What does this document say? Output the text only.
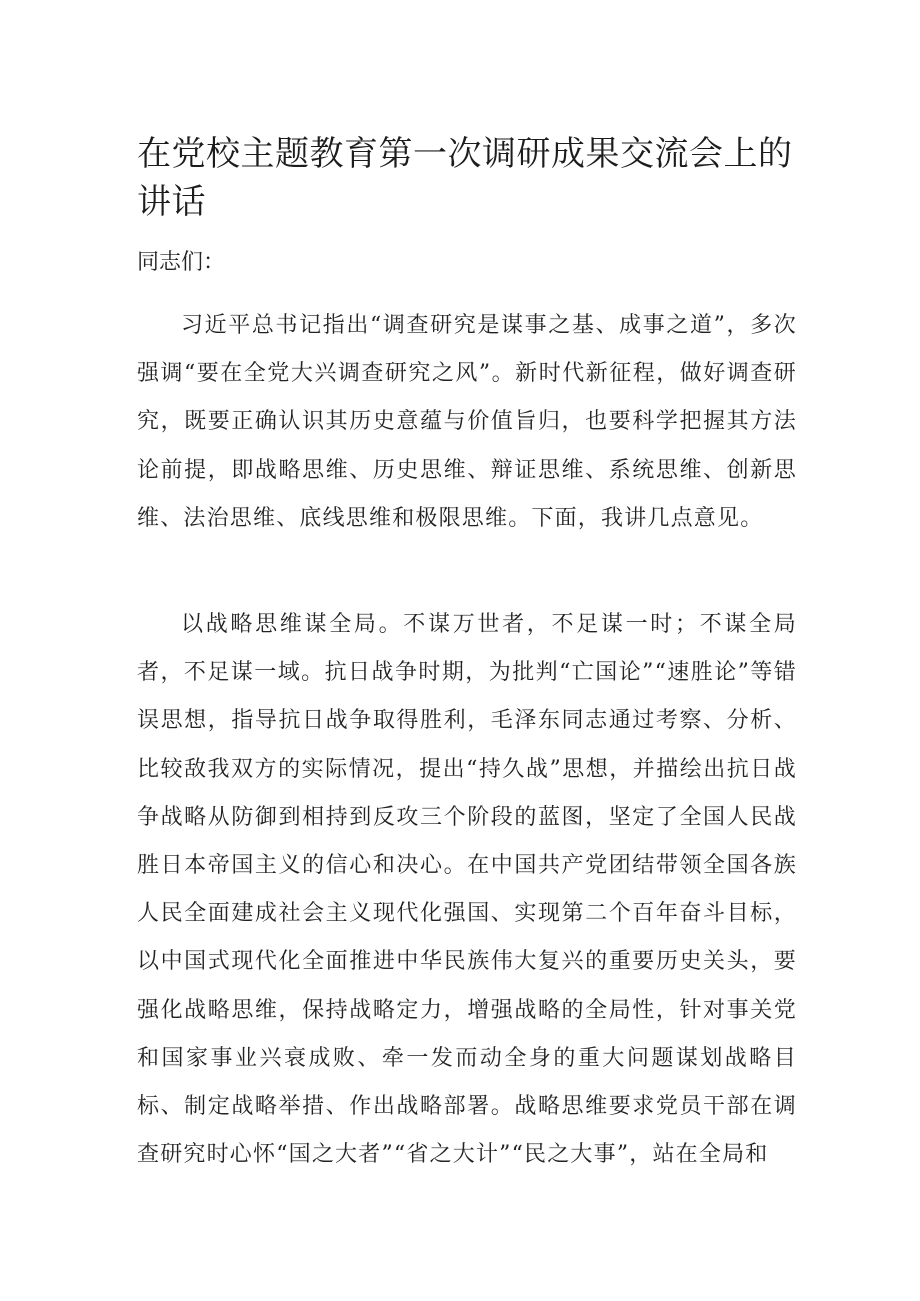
在党校主题教育第一次调研成果交流会上的讲话

同志们：

习近平总书记指出“调查研究是谋事之基、成事之道”，多次强调“要在全党大兴调查研究之风”。新时代新征程，做好调查研究，既要正确认识其历史意蕴与价值旨归，也要科学把握其方法论前提，即战略思维、历史思维、辩证思维、系统思维、创新思维、法治思维、底线思维和极限思维。下面，我讲几点意见。

以战略思维谋全局。不谋万世者，不足谋一时；不谋全局者，不足谋一域。抗日战争时期，为批判“亡国论”“速胜论”等错误思想，指导抗日战争取得胜利，毛泽东同志通过考察、分析、比较敌我双方的实际情况，提出“持久战”思想，并描绘出抗日战争战略从防御到相持到反攻三个阶段的蓝图，坚定了全国人民战胜日本帝国主义的信心和决心。在中国共产党团结带领全国各族人民全面建成社会主义现代化强国、实现第二个百年奋斗目标，以中国式现代化全面推进中华民族伟大复兴的重要历史关头，要强化战略思维，保持战略定力，增强战略的全局性，针对事关党和国家事业兴衰成败、牵一发而动全身的重大问题谋划战略目标、制定战略举措、作出战略部署。战略思维要求党员干部在调查研究时心怀“国之大者”“省之大计”“民之大事”，站在全局和
